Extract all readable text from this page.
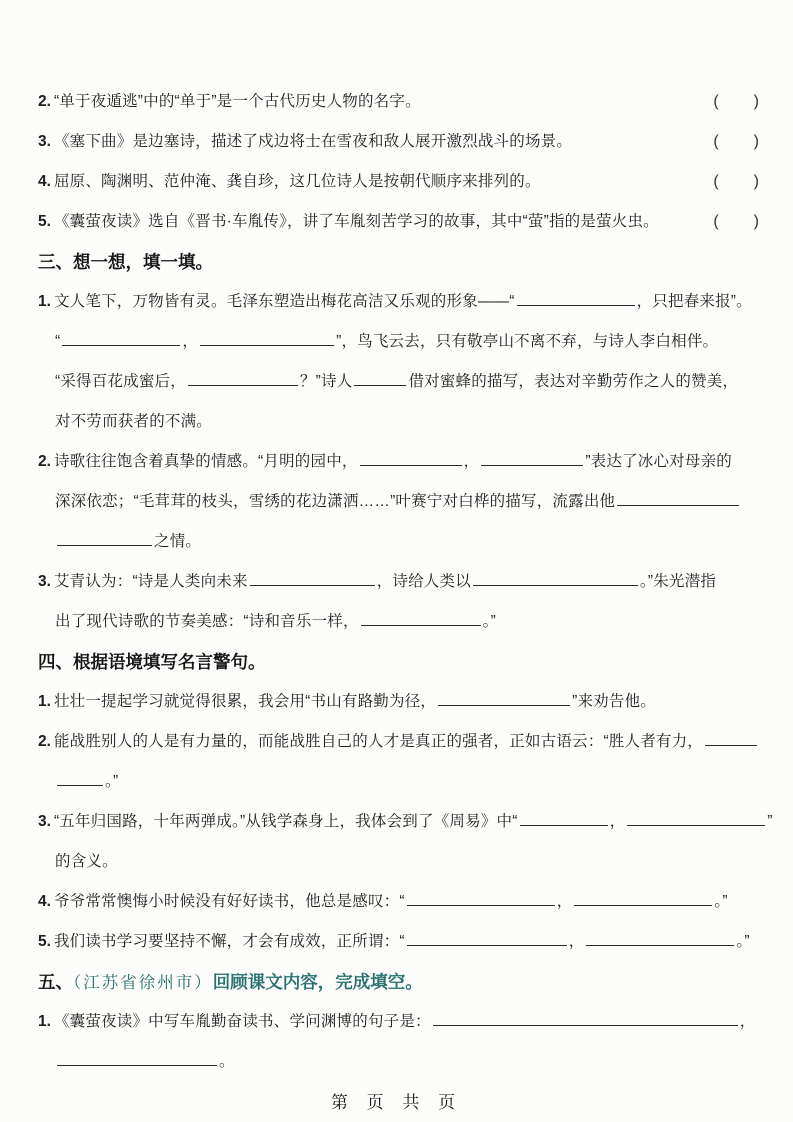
2. “单于夜遁逃”中的“单于”是一个古代历史人物的名字。	(　　)
3. 《塞下曲》是边塞诗，描述了戍边将士在雪夜和敌人展开激烈战斗的场景。	(　　)
4. 屈原、陶渊明、范仲淹、龚自珍，这几位诗人是按朝代顺序来排列的。	(　　)
5. 《囊萤夜读》选自《晋书·车胤传》，讲了车胤刻苦学习的故事，其中“萤”指的是萤火虫。	(　　)
三、想一想，填一填。
1. 文人笔下，万物皆有灵。毛泽东塑造出梅花高洁又乐观的形象——“	，只把春来报”。
“	，	”，鸟飞云去，只有敬亭山不离不弃，与诗人李白相伴。
“采得百花成蜜后，	？”诗人	借对蜜蜂的描写，表达对辛勤劳作之人的赞美，
对不劳而获者的不满。
2. 诗歌往往饱含着真挚的情感。“月明的园中，	，	”表达了冰心对母亲的
深深依恋；“毛茸茸的枝头，雪绣的花边潇洒……”叶赛宁对白桦的描写，流露出他
之情。
3. 艾青认为：“诗是人类向未来	，诗给人类以	。”朱光潜指
出了现代诗歌的节奏美感：“诗和音乐一样，	。”
四、根据语境填写名言警句。
1. 壮壮一提起学习就觉得很累，我会用“书山有路勤为径，	”来劝告他。
2. 能战胜别人的人是有力量的，而能战胜自己的人才是真正的强者，正如古语云：“胜人者有力，
。”
3. “五年归国路，十年两弹成。”从钱学森身上，我体会到了《周易》中“	，	”
的含义。
4. 爷爷常常懊悔小时候没有好好读书，他总是感叹：“	，	。”
5. 我们读书学习要坚持不懈，才会有成效，正所谓：“	，	。”
五、（江苏省徐州市）回顾课文内容，完成填空。
1. 《囊萤夜读》中写车胤勤奋读书、学问渊博的句子是：	，
。
第 页 共 页
